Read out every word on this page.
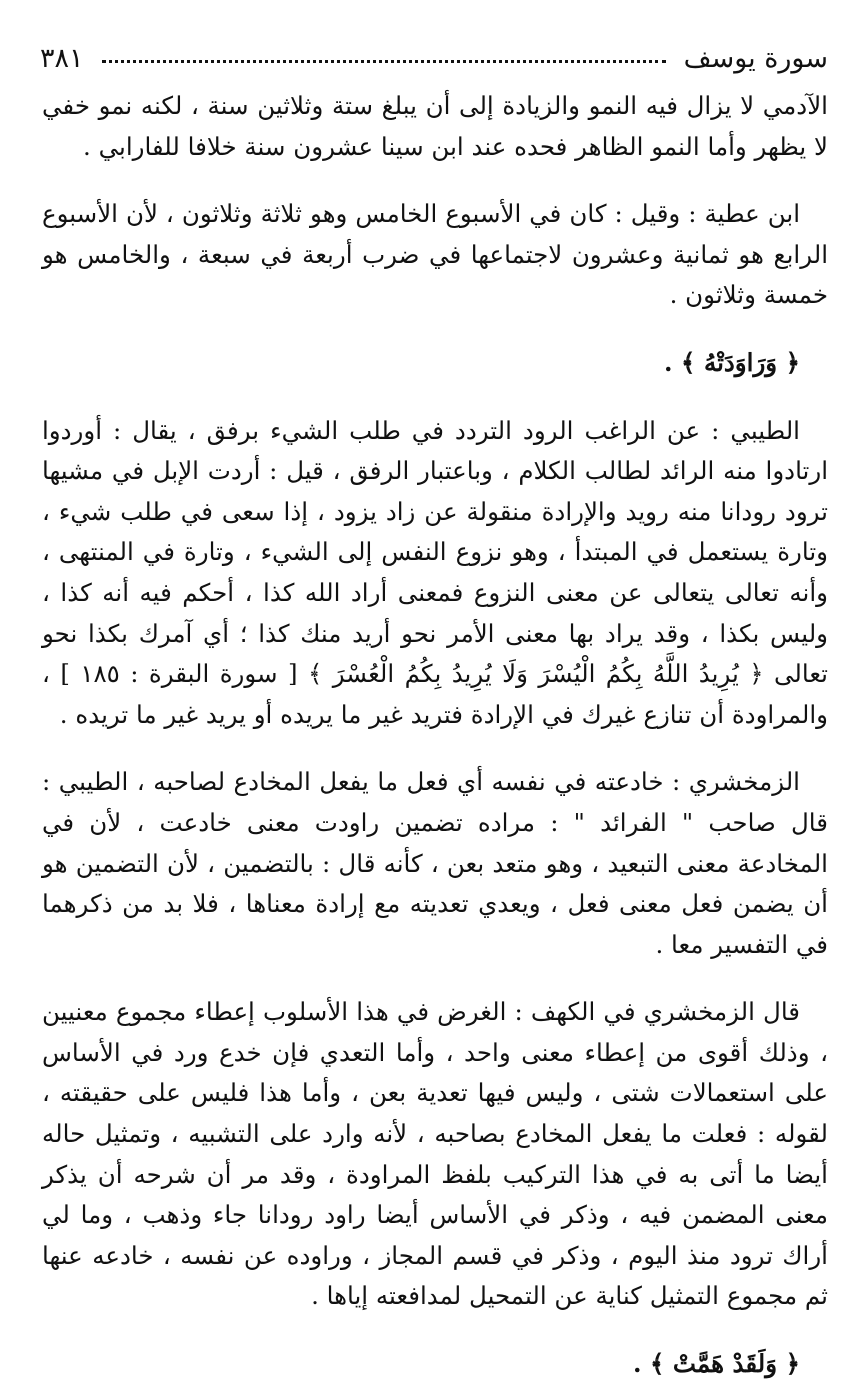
سورة يوسف
٣٨١

الآدمي لا يزال فيه النمو والزيادة إلى أن يبلغ ستة وثلاثين سنة ، لكنه نمو خفي لا يظهر وأما النمو الظاهر فحده عند ابن سينا عشرون سنة خلافا للفارابي .

ابن عطية : وقيل : كان في الأسبوع الخامس وهو ثلاثة وثلاثون ، لأن الأسبوع الرابع هو ثمانية وعشرون لاجتماعها في ضرب أربعة في سبعة ، والخامس هو خمسة وثلاثون .

﴿ وَرَاوَدَتْهُ ﴾ .

الطيبي : عن الراغب الرود التردد في طلب الشيء برفق ، يقال : أوردوا ارتادوا منه الرائد لطالب الكلام ، وباعتبار الرفق ، قيل : أردت الإبل في مشيها ترود رودانا منه رويد والإرادة منقولة عن زاد يزود ، إذا سعى في طلب شيء ، وتارة يستعمل في المبتدأ ، وهو نزوع النفس إلى الشيء ، وتارة في المنتهى ، وأنه تعالى يتعالى عن معنى النزوع فمعنى أراد الله كذا ، أحكم فيه أنه كذا ، وليس بكذا ، وقد يراد بها معنى الأمر نحو أريد منك كذا ؛ أي آمرك بكذا نحو تعالى ﴿ يُرِيدُ اللَّهُ بِكُمُ الْيُسْرَ وَلَا يُرِيدُ بِكُمُ الْعُسْرَ ﴾ [ سورة البقرة : ١٨٥ ] ، والمراودة أن تنازع غيرك في الإرادة فتريد غير ما يريده أو يريد غير ما تريده .

الزمخشري : خادعته في نفسه أي فعل ما يفعل المخادع لصاحبه ، الطيبي : قال صاحب " الفرائد " : مراده تضمين راودت معنى خادعت ، لأن في المخادعة معنى التبعيد ، وهو متعد بعن ، كأنه قال : بالتضمين ، لأن التضمين هو أن يضمن فعل معنى فعل ، ويعدي تعديته مع إرادة معناها ، فلا بد من ذكرهما في التفسير معا .

قال الزمخشري في الكهف : الغرض في هذا الأسلوب إعطاء مجموع معنيين ، وذلك أقوى من إعطاء معنى واحد ، وأما التعدي فإن خدع ورد في الأساس على استعمالات شتى ، وليس فيها تعدية بعن ، وأما هذا فليس على حقيقته ، لقوله : فعلت ما يفعل المخادع بصاحبه ، لأنه وارد على التشبيه ، وتمثيل حاله أيضا ما أتى به في هذا التركيب بلفظ المراودة ، وقد مر أن شرحه أن يذكر معنى المضمن فيه ، وذكر في الأساس أيضا راود رودانا جاء وذهب ، وما لي أراك ترود منذ اليوم ، وذكر في قسم المجاز ، وراوده عن نفسه ، خادعه عنها ثم مجموع التمثيل كناية عن التمحيل لمدافعته إياها .

﴿ وَلَقَدْ هَمَّتْ ﴾ .
